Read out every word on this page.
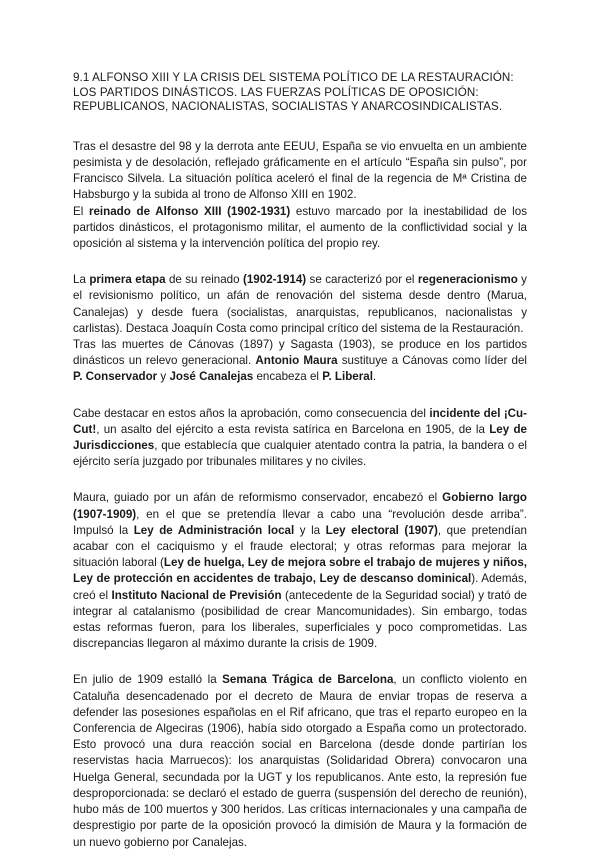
9.1 ALFONSO XIII Y LA CRISIS DEL SISTEMA POLÍTICO DE LA RESTAURACIÓN: LOS PARTIDOS DINÁSTICOS. LAS FUERZAS POLÍTICAS DE OPOSICIÓN: REPUBLICANOS, NACIONALISTAS, SOCIALISTAS Y ANARCOSINDICALISTAS.

Tras el desastre del 98 y la derrota ante EEUU, España se vio envuelta en un ambiente pesimista y de desolación, reflejado gráficamente en el artículo “España sin pulso”, por Francisco Silvela. La situación política aceleró el final de la regencia de Mª Cristina de Habsburgo y la subida al trono de Alfonso XIII en 1902.

El reinado de Alfonso XIII (1902-1931) estuvo marcado por la inestabilidad de los partidos dinásticos, el protagonismo militar, el aumento de la conflictividad social y la oposición al sistema y la intervención política del propio rey.

La primera etapa de su reinado (1902-1914) se caracterizó por el regeneracionismo y el revisionismo político, un afán de renovación del sistema desde dentro (Marua, Canalejas) y desde fuera (socialistas, anarquistas, republicanos, nacionalistas y carlistas). Destaca Joaquín Costa como principal crítico del sistema de la Restauración.

Tras las muertes de Cánovas (1897) y Sagasta (1903), se produce en los partidos dinásticos un relevo generacional. Antonio Maura sustituye a Cánovas como líder del P. Conservador y José Canalejas encabeza el P. Liberal.

Cabe destacar en estos años la aprobación, como consecuencia del incidente del ¡Cu-Cut!, un asalto del ejército a esta revista satírica en Barcelona en 1905, de la Ley de Jurisdicciones, que establecía que cualquier atentado contra la patria, la bandera o el ejército sería juzgado por tribunales militares y no civiles.

Maura, guiado por un afán de reformismo conservador, encabezó el Gobierno largo (1907-1909), en el que se pretendía llevar a cabo una “revolución desde arriba”. Impulsó la Ley de Administración local y la Ley electoral (1907), que pretendían acabar con el caciquismo y el fraude electoral; y otras reformas para mejorar la situación laboral (Ley de huelga, Ley de mejora sobre el trabajo de mujeres y niños, Ley de protección en accidentes de trabajo, Ley de descanso dominical). Además, creó el Instituto Nacional de Previsión (antecedente de la Seguridad social) y trató de integrar al catalanismo (posibilidad de crear Mancomunidades). Sin embargo, todas estas reformas fueron, para los liberales, superficiales y poco comprometidas. Las discrepancias llegaron al máximo durante la crisis de 1909.

En julio de 1909 estalló la Semana Trágica de Barcelona, un conflicto violento en Cataluña desencadenado por el decreto de Maura de enviar tropas de reserva a defender las posesiones españolas en el Rif africano, que tras el reparto europeo en la Conferencia de Algeciras (1906), había sido otorgado a España como un protectorado. Esto provocó una dura reacción social en Barcelona (desde donde partirían los reservistas hacia Marruecos): los anarquistas (Solidaridad Obrera) convocaron una Huelga General, secundada por la UGT y los republicanos. Ante esto, la represión fue desproporcionada: se declaró el estado de guerra (suspensión del derecho de reunión), hubo más de 100 muertos y 300 heridos. Las críticas internacionales y una campaña de desprestigio por parte de la oposición provocó la dimisión de Maura y la formación de un nuevo gobierno por Canalejas.
